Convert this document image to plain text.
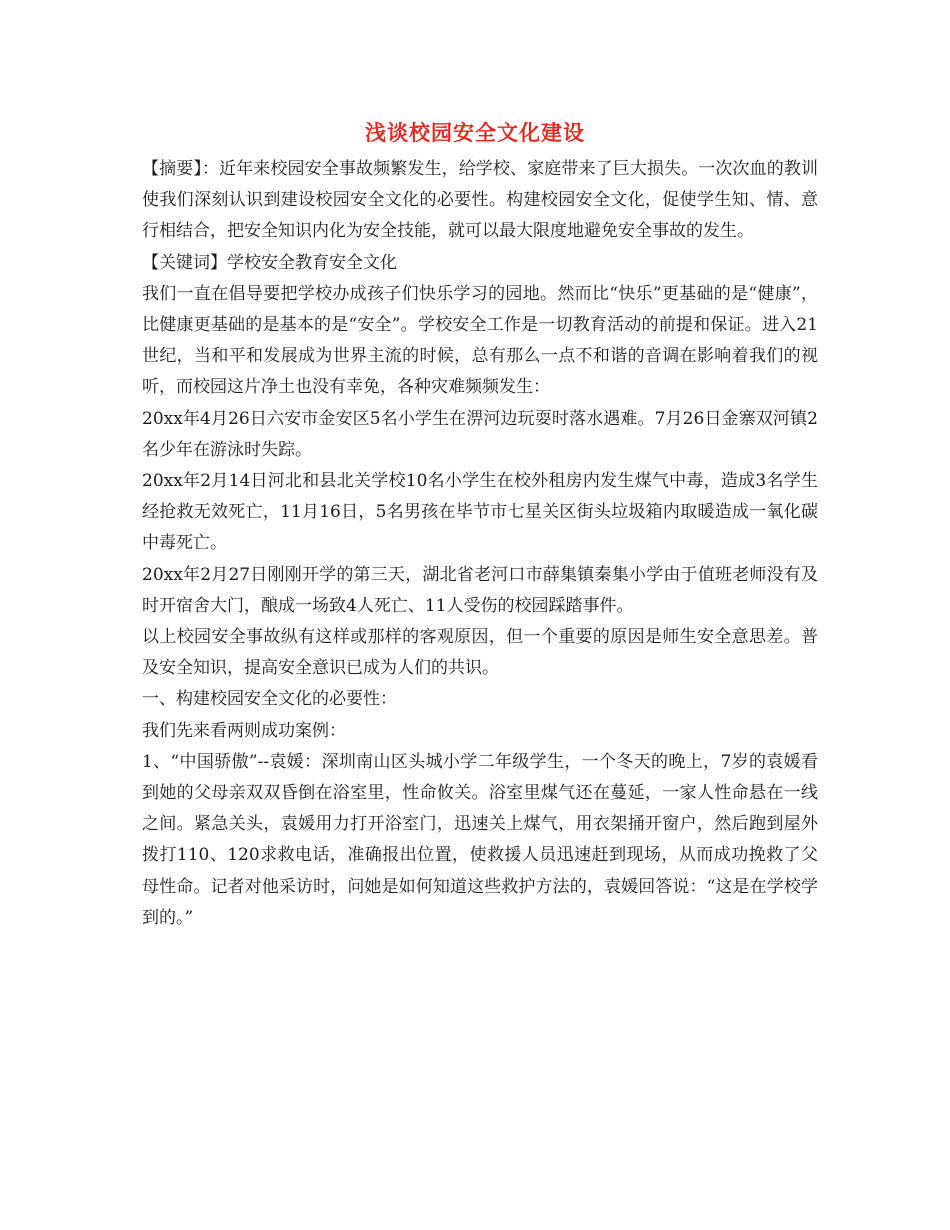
浅谈校园安全文化建设

【摘要】：近年来校园安全事故频繁发生，给学校、家庭带来了巨大损失。一次次血的教训使我们深刻认识到建设校园安全文化的必要性。构建校园安全文化，促使学生知、情、意行相结合，把安全知识内化为安全技能，就可以最大限度地避免安全事故的发生。

【关键词】学校安全教育安全文化

我们一直在倡导要把学校办成孩子们快乐学习的园地。然而比“快乐”更基础的是“健康”，比健康更基础的是基本的是“安全”。学校安全工作是一切教育活动的前提和保证。进入21世纪，当和平和发展成为世界主流的时候，总有那么一点不和谐的音调在影响着我们的视听，而校园这片净土也没有幸免，各种灾难频频发生：

20xx年4月26日六安市金安区5名小学生在淠河边玩耍时落水遇难。7月26日金寨双河镇2名少年在游泳时失踪。

20xx年2月14日河北和县北关学校10名小学生在校外租房内发生煤气中毒，造成3名学生经抢救无效死亡，11月16日，5名男孩在毕节市七星关区街头垃圾箱内取暖造成一氧化碳中毒死亡。

20xx年2月27日刚刚开学的第三天，湖北省老河口市薛集镇秦集小学由于值班老师没有及时开宿舍大门，酿成一场致4人死亡、11人受伤的校园踩踏事件。

以上校园安全事故纵有这样或那样的客观原因，但一个重要的原因是师生安全意思差。普及安全知识，提高安全意识已成为人们的共识。

一、构建校园安全文化的必要性：

我们先来看两则成功案例：

1、“中国骄傲”--袁媛：深圳南山区头城小学二年级学生，一个冬天的晚上，7岁的袁媛看到她的父母亲双双昏倒在浴室里，性命攸关。浴室里煤气还在蔓延，一家人性命悬在一线之间。紧急关头，袁媛用力打开浴室门，迅速关上煤气，用衣架捅开窗户，然后跑到屋外拨打110、120求救电话，准确报出位置，使救援人员迅速赶到现场，从而成功挽救了父母性命。记者对他采访时，问她是如何知道这些救护方法的，袁媛回答说：“这是在学校学到的。”
